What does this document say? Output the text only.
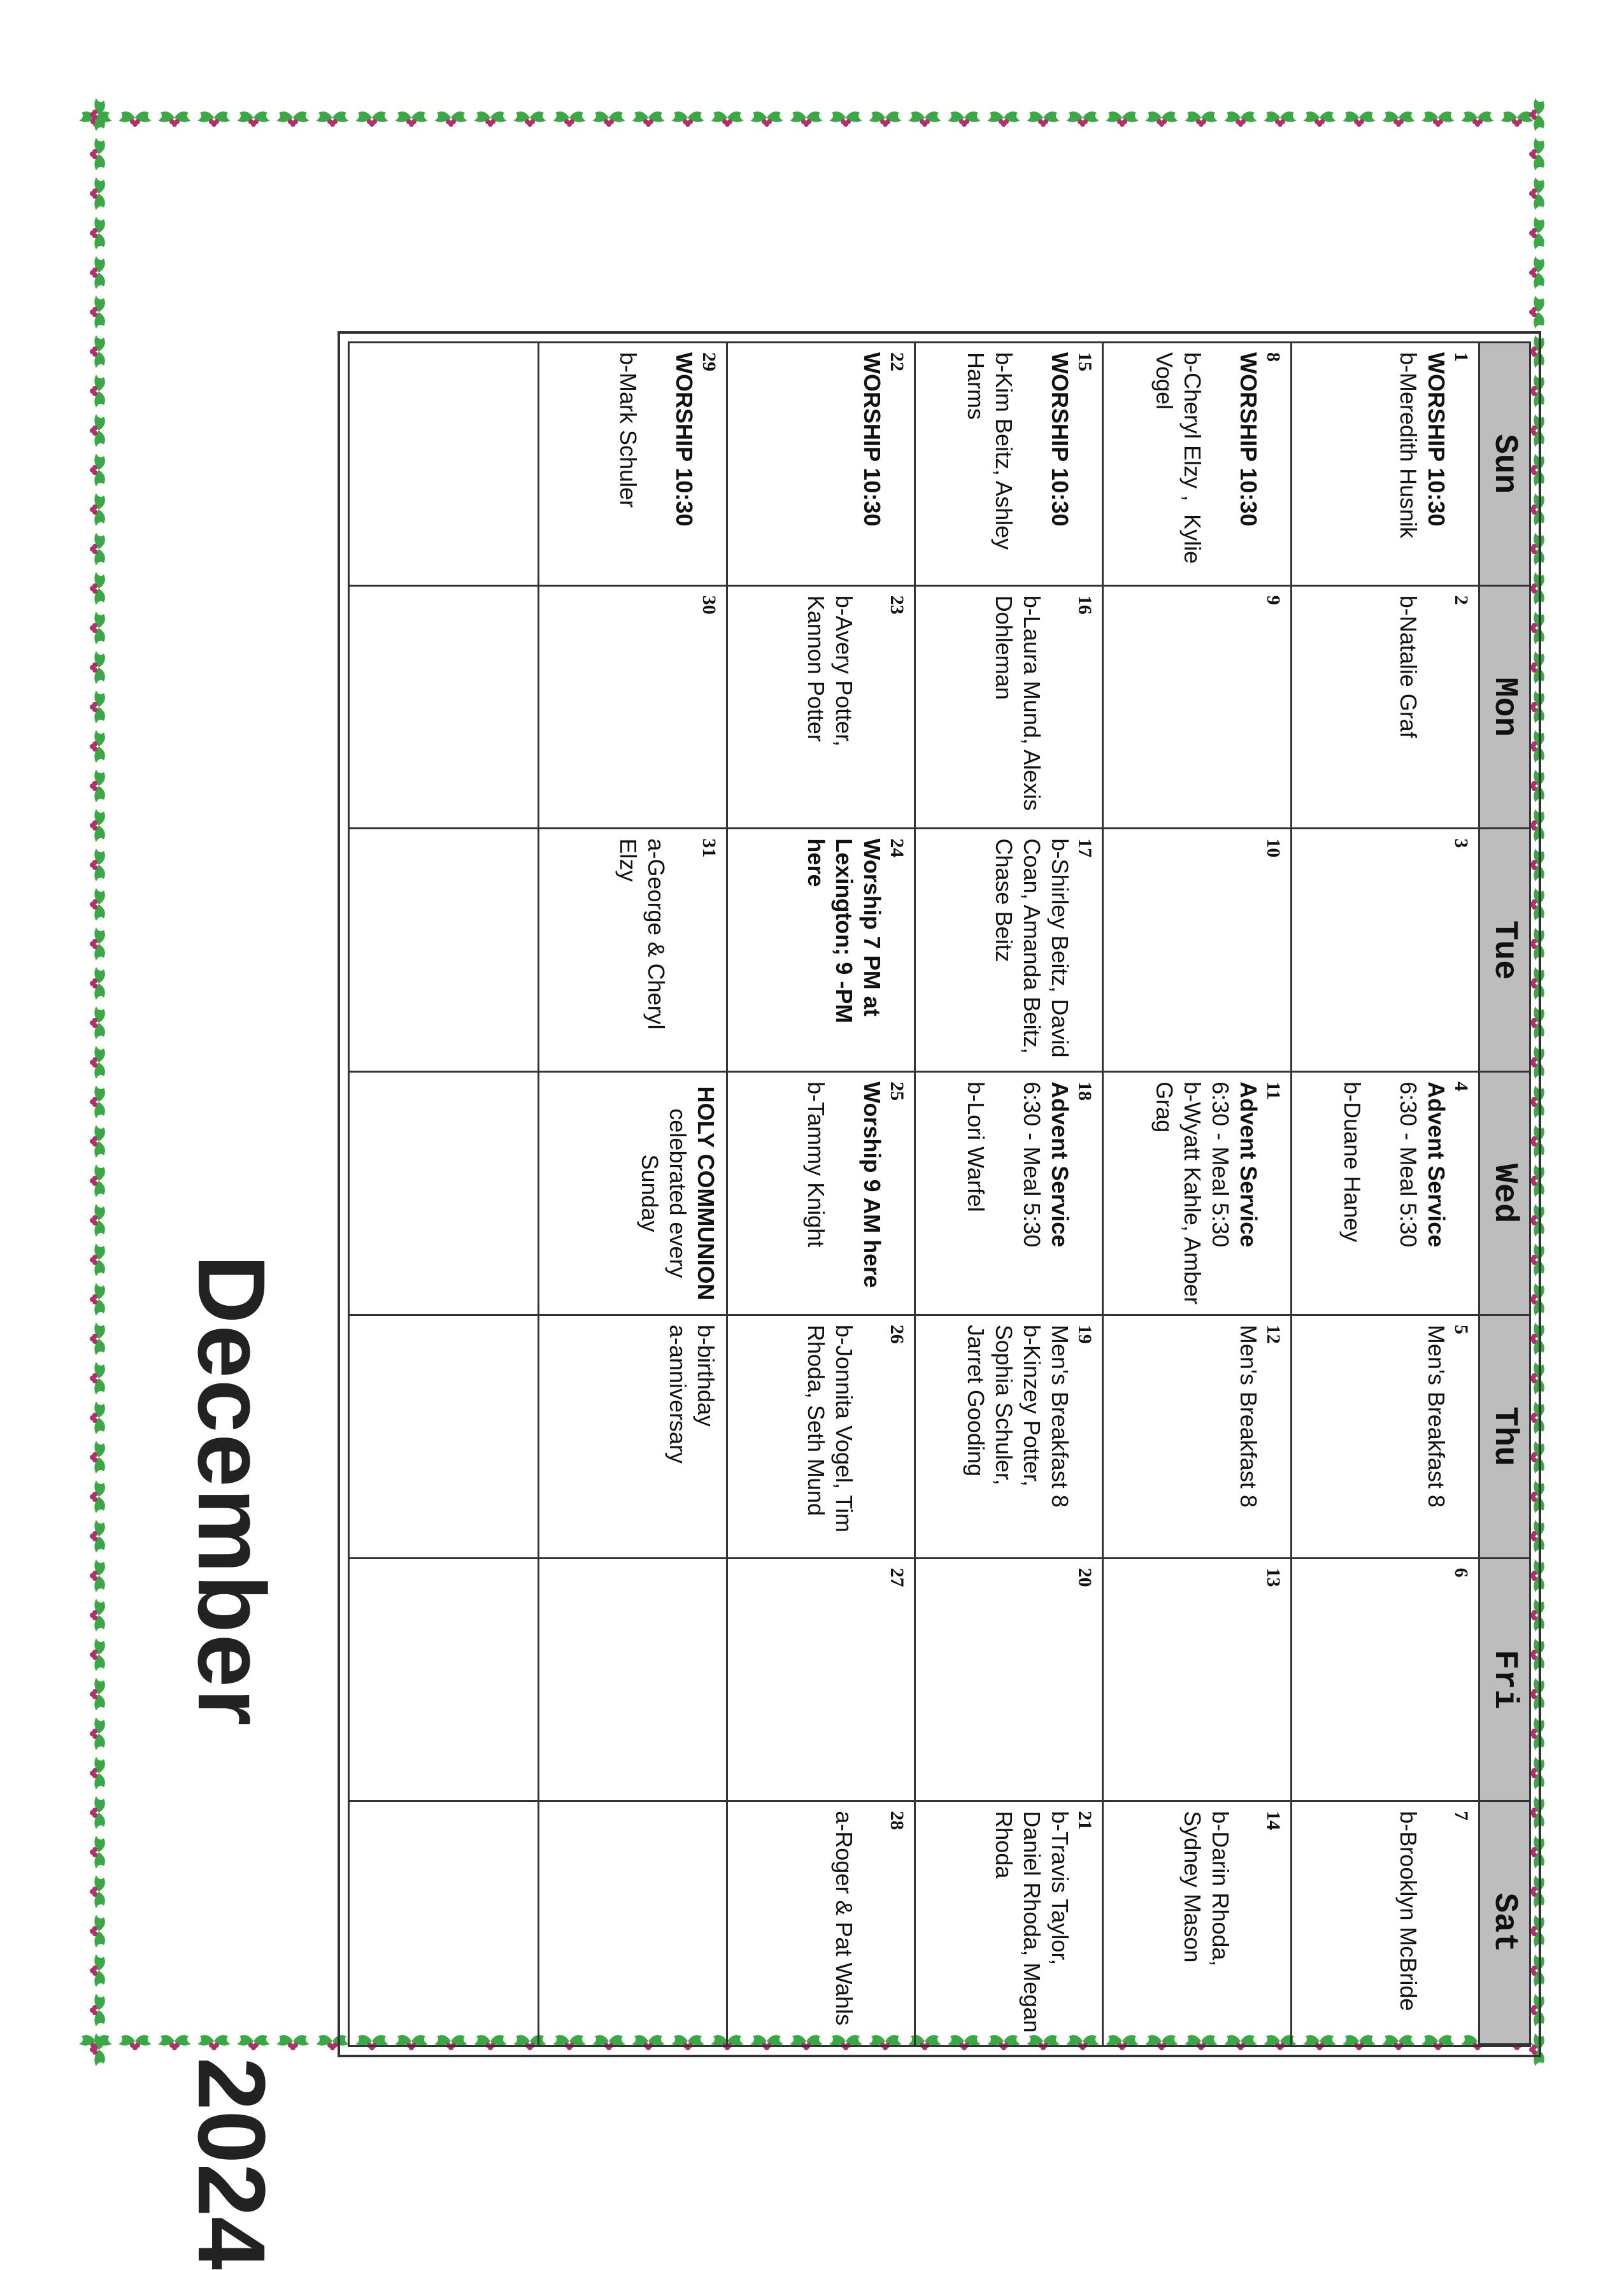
December
2024
Sun
Mon
Tue
Wed
Thu
Fri
Sat
1
WORSHIP 10:30
b-Meredith Husnik
2
b-Natalie Graf
3
4
Advent Service
6:30 - Meal 5:30
b-Duane Haney
5
Men's Breakfast 8
6
7
b-Brooklyn McBride
8
WORSHIP 10:30
b-Cheryl Elzy ,  Kylie Vogel
9
10
11
Advent Service
6:30 - Meal 5:30
b-Wyatt Kahle, Amber Grag
12
Men's Breakfast 8
13
14
b-Darin Rhoda, Sydney Mason
15
WORSHIP 10:30
b-Kim Beitz, Ashley Harms
16
b-Laura Mund, Alexis Dohleman
17
b-Shirley Beitz, David Coan, Amanda Beitz, Chase Beitz
18
Advent Service
6:30 - Meal 5:30
b-Lori Warfel
19
Men's Breakfast 8
b-Kinzey Potter, Sophia Schuler, Jarret Gooding
20
21
b-Travis Taylor, Daniel Rhoda, Megan Rhoda
22
WORSHIP 10:30
23
b-Avery Potter, Kannon Potter
24
Worship 7 PM at Lexington; 9 -PM here
25
Worship 9 AM here
b-Tammy Knight
26
b-Jonnita Vogel, Tim Rhoda, Seth Mund
27
28
a-Roger & Pat Wahls
29
WORSHIP 10:30
b-Mark Schuler
30
31
a-George & Cheryl Elzy
HOLY COMMUNION
celebrated every Sunday
b-birthday
a-anniversary
